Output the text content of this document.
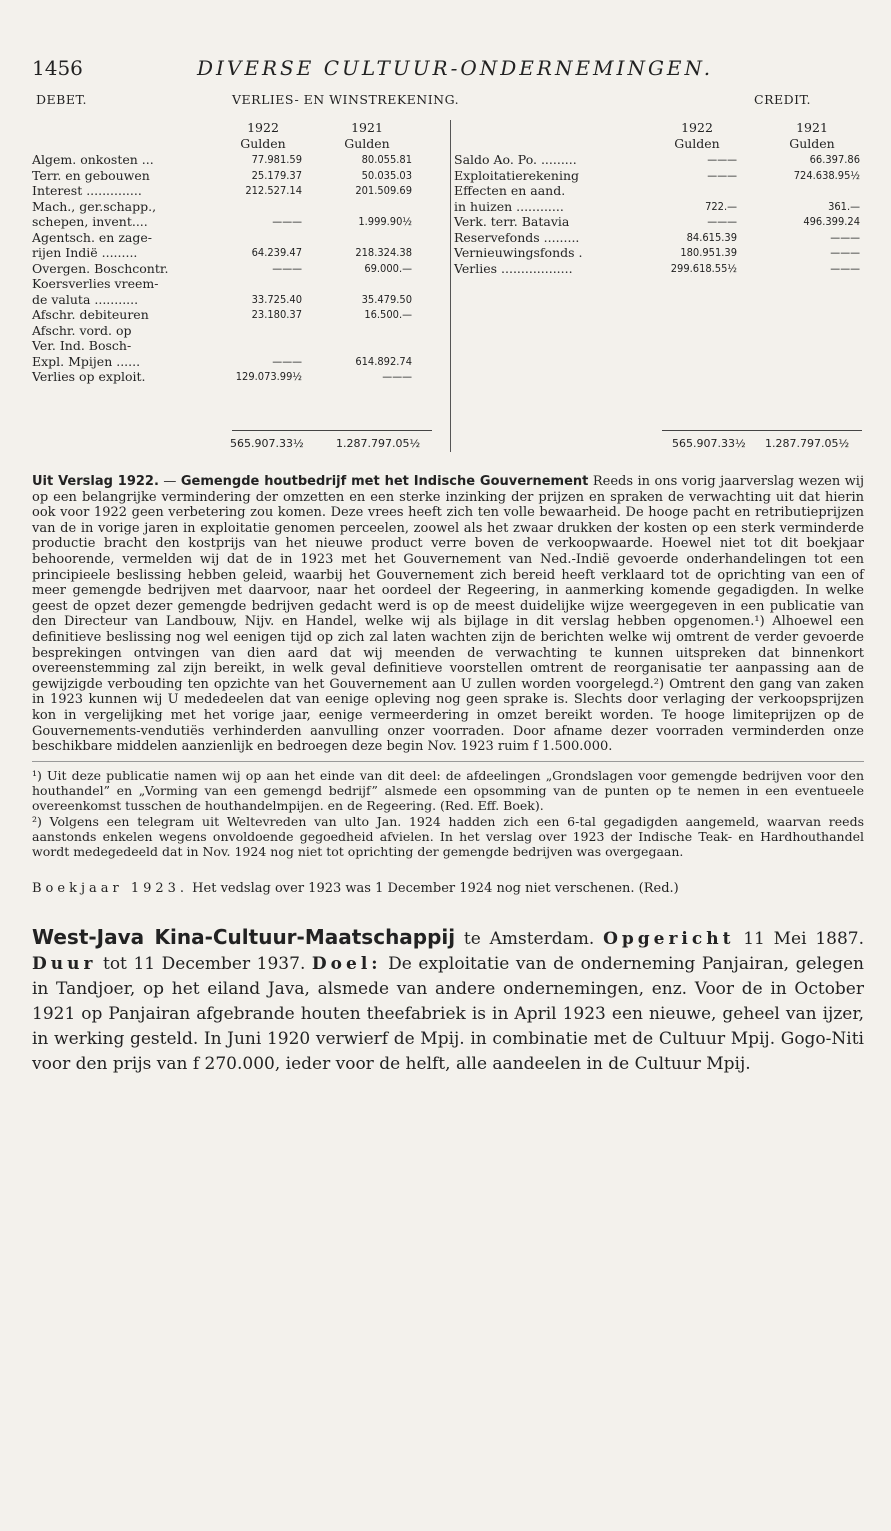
1456	DIVERSE CULTUUR-ONDERNEMINGEN.
DEBET.	VERLIES- EN WINSTREKENING.	CREDIT.
1922
Gulden
1921
Gulden
1922
Gulden
1921
Gulden
565.907.33½	1.287.797.05½	565.907.33½ 1.287.797.05½
Algem. onkosten ...	77.981.59	80.055.81
Terr. en gebouwen	25.179.37	50.035.03
Interest ..............	212.527.14	201.509.69
Mach., ger.schapp.,
schepen, invent....	———	1.999.90½
Agentsch. en zage-
rijen Indië .........	64.239.47	218.324.38
Overgen. Boschcontr.	———	69.000.—
Koersverlies vreem-
de valuta ...........	33.725.40	35.479.50
Afschr. debiteuren	23.180.37	16.500.—
Afschr. vord. op
Ver. Ind. Bosch-
Expl. Mpijen ......	———	614.892.74
Verlies op exploit.	129.073.99½	———
Saldo Ao. Po. .........	———	66.397.86
Exploitatierekening	———	724.638.95½
Effecten en aand.
in huizen ............	722.—	361.—
Verk. terr. Batavia	———	496.399.24
Reservefonds .........	84.615.39	———
Vernieuwingsfonds .	180.951.39	———
Verlies ..................	299.618.55½	———
Uit Verslag 1922. — Gemengde houtbedrijf met het Indische Gouvernement Reeds in ons vorig jaarverslag wezen wij op een belangrijke vermindering der omzetten en een sterke inzinking der prijzen en spraken de verwachting uit dat hierin ook voor 1922 geen verbetering zou komen. Deze vrees heeft zich ten volle bewaarheid. De hooge pacht en retributieprijzen van de in vorige jaren in exploitatie genomen perceelen, zoowel als het zwaar drukken der kosten op een sterk verminderde productie bracht den kostprijs van het nieuwe product verre boven de verkoopwaarde. Hoewel niet tot dit boekjaar behoorende, vermelden wij dat de in 1923 met het Gouvernement van Ned.-Indië gevoerde onderhandelingen tot een principieele beslissing hebben geleid, waarbij het Gouvernement zich bereid heeft verklaard tot de oprichting van een of meer gemengde bedrijven met daarvoor, naar het oordeel der Regeering, in aanmerking komende gegadigden. In welke geest de opzet dezer gemengde bedrijven gedacht werd is op de meest duidelijke wijze weergegeven in een publicatie van den Directeur van Landbouw, Nijv. en Handel, welke wij als bijlage in dit verslag hebben opgenomen.¹) Alhoewel een definitieve beslissing nog wel eenigen tijd op zich zal laten wachten zijn de berichten welke wij omtrent de verder gevoerde besprekingen ontvingen van dien aard dat wij meenden de verwachting te kunnen uitspreken dat binnenkort overeenstemming zal zijn bereikt, in welk geval definitieve voorstellen omtrent de reorganisatie ter aanpassing aan de gewijzigde verbouding ten opzichte van het Gouvernement aan U zullen worden voorgelegd.²) Omtrent den gang van zaken in 1923 kunnen wij U mededeelen dat van eenige opleving nog geen sprake is. Slechts door verlaging der verkoopsprijzen kon in vergelijking met het vorige jaar, eenige vermeerdering in omzet bereikt worden. Te hooge limiteprijzen op de Gouvernements-vendutiës verhinderden aanvulling onzer voorraden. Door afname dezer voorraden verminderden onze beschikbare middelen aanzienlijk en bedroegen deze begin Nov. 1923 ruim f 1.500.000.
¹) Uit deze publicatie namen wij op aan het einde van dit deel: de afdeelingen „Grondslagen voor gemengde bedrijven voor den houthandel” en „Vorming van een gemengd bedrijf” alsmede een opsomming van de punten op te nemen in een eventueele overeenkomst tusschen de houthandelmpijen. en de Regeering. (Red. Eff. Boek).
²) Volgens een telegram uit Weltevreden van ulto Jan. 1924 hadden zich een 6-tal gegadigden aangemeld, waarvan reeds aanstonds enkelen wegens onvoldoende gegoedheid afvielen. In het verslag over 1923 der Indische Teak- en Hardhouthandel wordt medegedeeld dat in Nov. 1924 nog niet tot oprichting der gemengde bedrijven was overgegaan.
Boekjaar 1923. Het vedslag over 1923 was 1 December 1924 nog niet verschenen. (Red.)
West-Java Kina-Cultuur-Maatschappij te Amsterdam. Opgericht 11 Mei 1887. Duur tot 11 December 1937. Doel: De exploitatie van de onderneming Panjairan, gelegen in Tandjoer, op het eiland Java, alsmede van andere ondernemingen, enz. Voor de in October 1921 op Panjairan afgebrande houten theefabriek is in April 1923 een nieuwe, geheel van ijzer, in werking gesteld. In Juni 1920 verwierf de Mpij. in combinatie met de Cultuur Mpij. Gogo-Niti voor den prijs van f 270.000, ieder voor de helft, alle aandeelen in de Cultuur Mpij.
